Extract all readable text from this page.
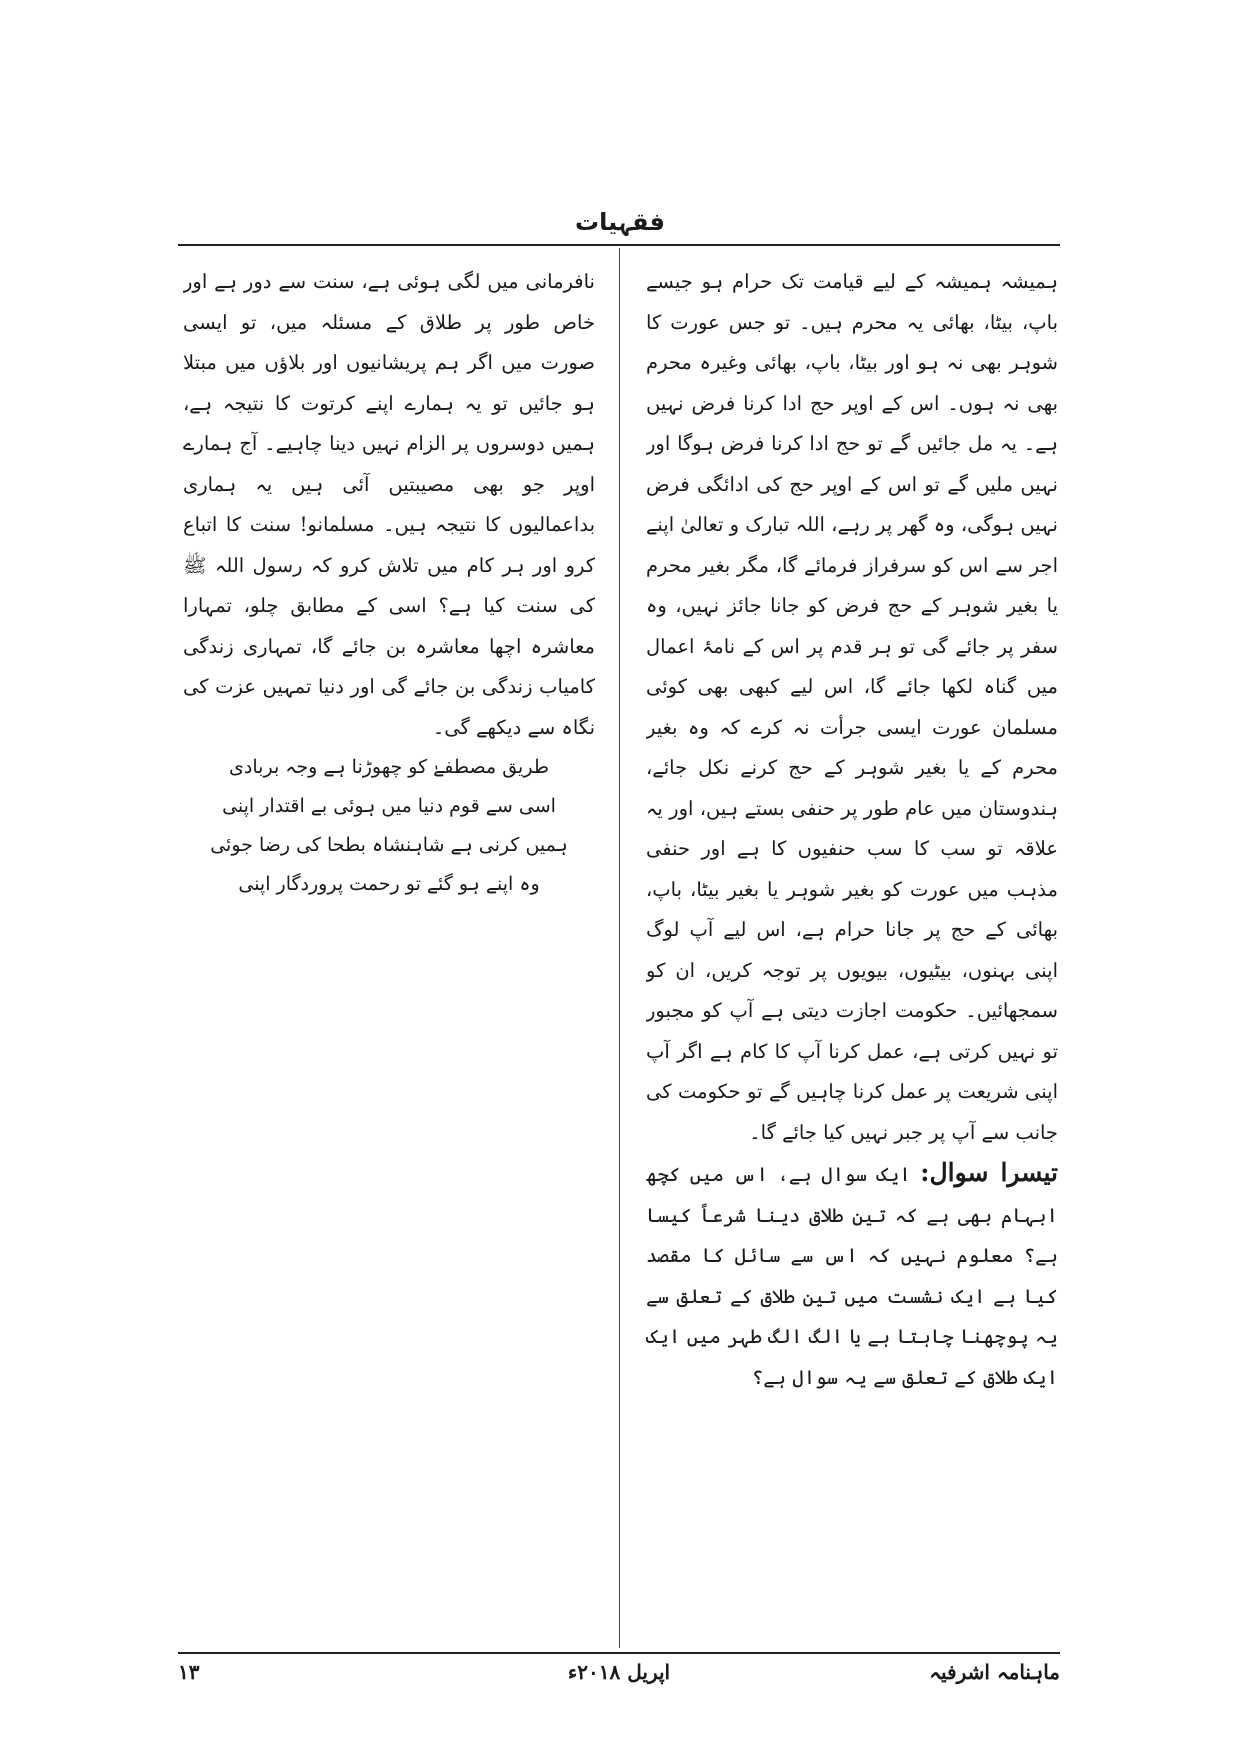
فقہیات

ہمیشہ ہمیشہ کے لیے قیامت تک حرام ہو جیسے باپ، بیٹا، بھائی یہ محرم ہیں۔ تو جس عورت کا شوہر بھی نہ ہو اور بیٹا، باپ، بھائی وغیرہ محرم بھی نہ ہوں۔ اس کے اوپر حج ادا کرنا فرض نہیں ہے۔ یہ مل جائیں گے تو حج ادا کرنا فرض ہوگا اور نہیں ملیں گے تو اس کے اوپر حج کی ادائگی فرض نہیں ہوگی، وہ گھر پر رہے، اللہ تبارک و تعالیٰ اپنے اجر سے اس کو سرفراز فرمائے گا، مگر بغیر محرم یا بغیر شوہر کے حج فرض کو جانا جائز نہیں، وہ سفر پر جائے گی تو ہر قدم پر اس کے نامۂ اعمال میں گناہ لکھا جائے گا، اس لیے کبھی بھی کوئی مسلمان عورت ایسی جرأت نہ کرے کہ وہ بغیر محرم کے یا بغیر شوہر کے حج کرنے نکل جائے، ہندوستان میں عام طور پر حنفی بستے ہیں، اور یہ علاقہ تو سب کا سب حنفیوں کا ہے اور حنفی مذہب میں عورت کو بغیر شوہر یا بغیر بیٹا، باپ، بھائی کے حج پر جانا حرام ہے، اس لیے آپ لوگ اپنی بہنوں، بیٹیوں، بیویوں پر توجہ کریں، ان کو سمجھائیں۔ حکومت اجازت دیتی ہے آپ کو مجبور تو نہیں کرتی ہے، عمل کرنا آپ کا کام ہے اگر آپ اپنی شریعت پر عمل کرنا چاہیں گے تو حکومت کی جانب سے آپ پر جبر نہیں کیا جائے گا۔

تیسرا سوال: ایک سوال ہے، اس میں کچھ ابہام بھی ہے کہ تین طلاق دینا شرعاً کیسا ہے؟ معلوم نہیں کہ اس سے سائل کا مقصد کیا ہے ایک نشست میں تین طلاق کے تعلق سے یہ پوچھنا چاہتا ہے یا الگ الگ طہر میں ایک ایک طلاق کے تعلق سے یہ سوال ہے؟

نافرمانی میں لگی ہوئی ہے، سنت سے دور ہے اور خاص طور پر طلاق کے مسئلہ میں، تو ایسی صورت میں اگر ہم پریشانیوں اور بلاؤں میں مبتلا ہو جائیں تو یہ ہمارے اپنے کرتوت کا نتیجہ ہے، ہمیں دوسروں پر الزام نہیں دینا چاہیے۔ آج ہمارے اوپر جو بھی مصیبتیں آئی ہیں یہ ہماری بداعمالیوں کا نتیجہ ہیں۔ مسلمانو! سنت کا اتباع کرو اور ہر کام میں تلاش کرو کہ رسول اللہ ﷺ کی سنت کیا ہے؟ اسی کے مطابق چلو، تمہارا معاشرہ اچھا معاشرہ بن جائے گا، تمہاری زندگی کامیاب زندگی بن جائے گی اور دنیا تمہیں عزت کی نگاہ سے دیکھے گی۔

طریق مصطفےٰ کو چھوڑنا ہے وجہ بربادی

اسی سے قوم دنیا میں ہوئی بے اقتدار اپنی

ہمیں کرنی ہے شاہنشاہ بطحا کی رضا جوئی

وہ اپنے ہو گئے تو رحمت پروردگار اپنی

ماہنامہ اشرفیہ
اپریل ۲۰۱۸ء
۱۳
